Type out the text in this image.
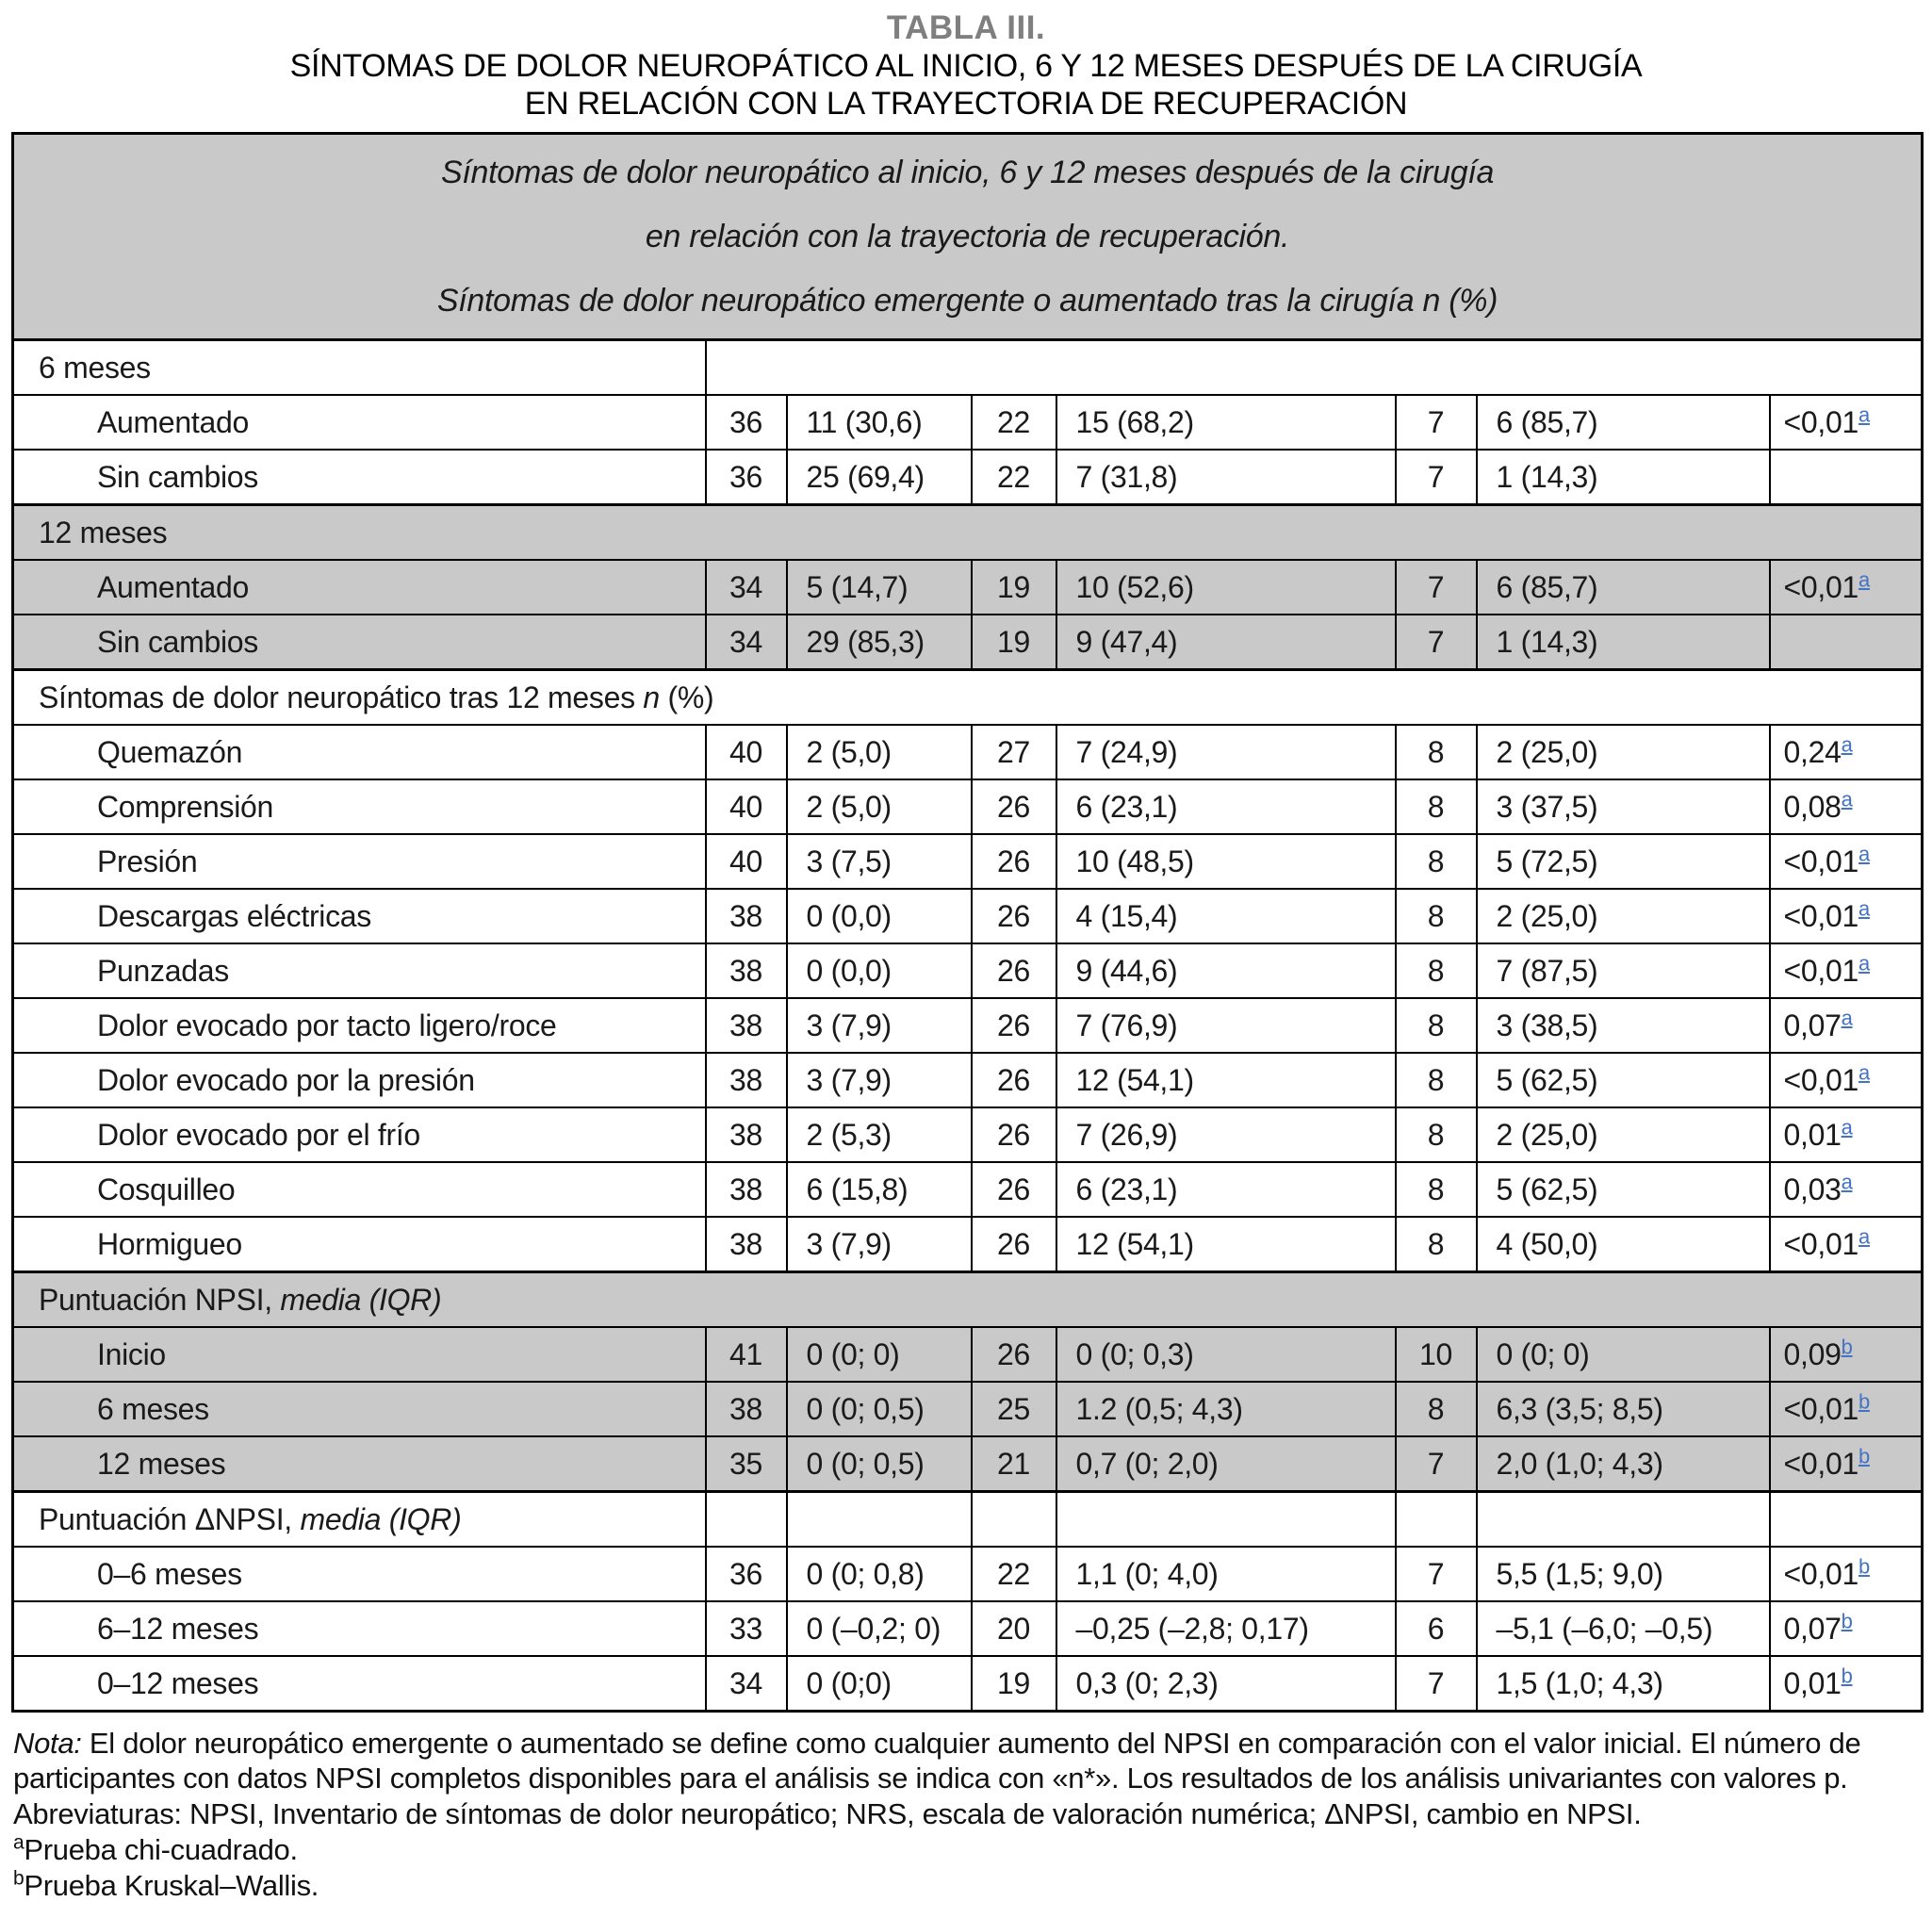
TABLA III.
SÍNTOMAS DE DOLOR NEUROPÁTICO AL INICIO, 6 Y 12 MESES DESPUÉS DE LA CIRUGÍA
EN RELACIÓN CON LA TRAYECTORIA DE RECUPERACIÓN
Síntomas de dolor neuropático al inicio, 6 y 12 meses después de la cirugía
en relación con la trayectoria de recuperación.
Síntomas de dolor neuropático emergente o aumentado tras la cirugía n (%)							

6 meses							
Aumentado	36	11 (30,6)	22	15 (68,2)	7	6 (85,7)	<0,01$^a$
Sin cambios	36	25 (69,4)	22	7 (31,8)	7	1 (14,3)	
12 meses							
Aumentado	34	5 (14,7)	19	10 (52,6)	7	6 (85,7)	<0,01$^a$
Sin cambios	34	29 (85,3)	19	9 (47,4)	7	1 (14,3)	
Síntomas de dolor neuropático tras 12 meses n (%)							
Quemazón	40	2 (5,0)	27	7 (24,9)	8	2 (25,0)	0,24$^a$
Comprensión	40	2 (5,0)	26	6 (23,1)	8	3 (37,5)	0,08$^a$
Presión	40	3 (7,5)	26	10 (48,5)	8	5 (72,5)	<0,01$^a$
Descargas eléctricas	38	0 (0,0)	26	4 (15,4)	8	2 (25,0)	<0,01$^a$
Punzadas	38	0 (0,0)	26	9 (44,6)	8	7 (87,5)	<0,01$^a$
Dolor evocado por tacto ligero/roce	38	3 (7,9)	26	7 (76,9)	8	3 (38,5)	0,07$^a$
Dolor evocado por la presión	38	3 (7,9)	26	12 (54,1)	8	5 (62,5)	<0,01$^a$
Dolor evocado por el frío	38	2 (5,3)	26	7 (26,9)	8	2 (25,0)	0,01$^a$
Cosquilleo	38	6 (15,8)	26	6 (23,1)	8	5 (62,5)	0,03$^a$
Hormigueo	38	3 (7,9)	26	12 (54,1)	8	4 (50,0)	<0,01$^a$
Puntuación NPSI, media (IQR)							
Inicio	41	0 (0; 0)	26	0 (0; 0,3)	10	0 (0; 0)	0,09$^b$
6 meses	38	0 (0; 0,5)	25	1.2 (0,5; 4,3)	8	6,3 (3,5; 8,5)	<0,01$^b$
12 meses	35	0 (0; 0,5)	21	0,7 (0; 2,0)	7	2,0 (1,0; 4,3)	<0,01$^b$
Puntuación ΔNPSI, media (IQR)							
0–6 meses	36	0 (0; 0,8)	22	1,1 (0; 4,0)	7	5,5 (1,5; 9,0)	<0,01$^b$
6–12 meses	33	0 (–0,2; 0)	20	–0,25 (–2,8; 0,17)	6	–5,1 (–6,0; –0,5)	0,07$^b$
0–12 meses	34	0 (0;0)	19	0,3 (0; 2,3)	7	1,5 (1,0; 4,3)	0,01$^b$

Nota: El dolor neuropático emergente o aumentado se define como cualquier aumento del NPSI en comparación con el valor inicial. El número de participantes con datos NPSI completos disponibles para el análisis se indica con «n*». Los resultados de los análisis univariantes con valores p.

Abreviaturas: NPSI, Inventario de síntomas de dolor neuropático; NRS, escala de valoración numérica; ΔNPSI, cambio en NPSI.

$^a$Prueba chi-cuadrado.

$^b$Prueba Kruskal–Wallis.
